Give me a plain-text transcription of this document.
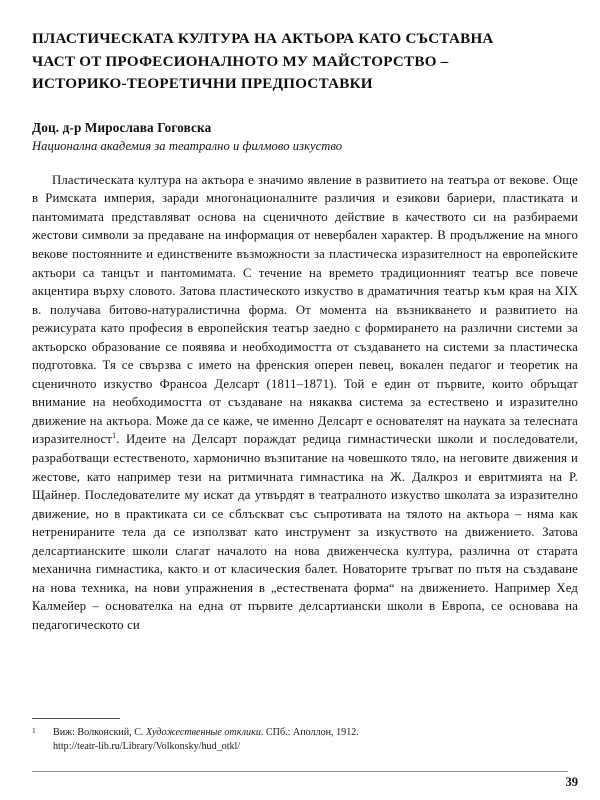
ПЛАСТИЧЕСКАТА КУЛТУРА НА АКТЬОРА КАТО СЪСТАВНА
ЧАСТ ОТ ПРОФЕСИОНАЛНОТО МУ МАЙСТОРСТВО –
ИСТОРИКО-ТЕОРЕТИЧНИ ПРЕДПОСТАВКИ
Доц. д-р Мирослава Гоговска
Национална академия за театрално и филмово изкуство

Пластическата култура на актьора е значимо явление в развитието на театъра от векове. Още в Римската империя, заради многонационалните различия и езикови бариери, пластиката и пантомимата представляват основа на сценичното действие в качеството си на разбираеми жестови символи за предаване на информация от невербален характер. В продължение на много векове постоянните и единствените възможности за пластическа изразителност на европейските актьори са танцът и пантомимата. С течение на времето традиционният театър все повече акцентира върху словото. Затова пластическото изкуство в драматичния театър към края на XIX в. получава битово-натуралистична форма. От момента на възникването и развитието на режисурата като професия в европейския театър заедно с формирането на различни системи за актьорско образование се появява и необходимостта от създаването на системи за пластическа подготовка. Тя се свързва с името на френския оперен певец, вокален педагог и теоретик на сценичното изкуство Франсоа Делсарт (1811–1871). Той е един от първите, които обръщат внимание на необходимостта от създаване на някаква система за естествено и изразително движение на актьора. Може да се каже, че именно Делсарт е основателят на науката за телесната изразителност$^1$. Идеите на Делсарт пораждат редица гимнастически школи и последователи, разработващи естественото, хармонично възпитание на човешкото тяло, на неговите движения и жестове, като например тези на ритмичната гимнастика на Ж. Далкроз и евритмията на Р. Щайнер. Последователите му искат да утвърдят в театралното изкуство школата за изразително движение, но в практиката си се сблъскват със съпротивата на тялото на актьора – няма как нетренираните тела да се използват като инструмент за изкуството на движението. Затова делсартианските школи слагат началото на нова движенческа култура, различна от старата механична гимнастика, както и от класическия балет. Новаторите тръгват по пътя на създаване на нова техника, на нови упражнения в „естествената форма“ на движението. Например Хед Калмейер – основателка на една от първите делсартиански школи в Европа, се основава на педагогическото си

1 Виж: Волконский, С. Художественные отклики. СПб.: Аполлон, 1912.
http://teatr-lib.ru/Library/Volkonsky/hud_otkl/
39
